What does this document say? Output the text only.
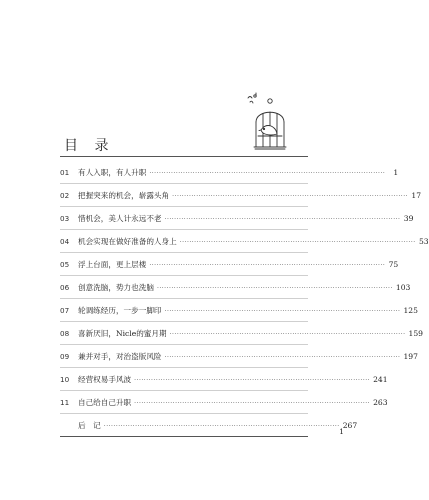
目 录
01	有人入职，有人升职 ··································································································	1
02	把握突来的机会，崭露头角 ·································································································· 17
03	惜机会，美人计永远不老 ·································································································· 39
04	机会实现在做好准备的人身上 ·································································································· 53
05	浮上台面，更上层楼 ·································································································· 75
06	创意洗脑，势力也洗脑 ·································································································· 103
07	轮调练经历，一步一脚印 ·································································································· 125
08	喜新厌旧，Nicle的蜜月期 ·································································································· 159
09	兼并对手，对治盗版风险 ·································································································· 197
10	经营权易手风波 ·································································································· 241
11	自己给自己升职 ·································································································· 263
后　记 ·································································································· 267
1
